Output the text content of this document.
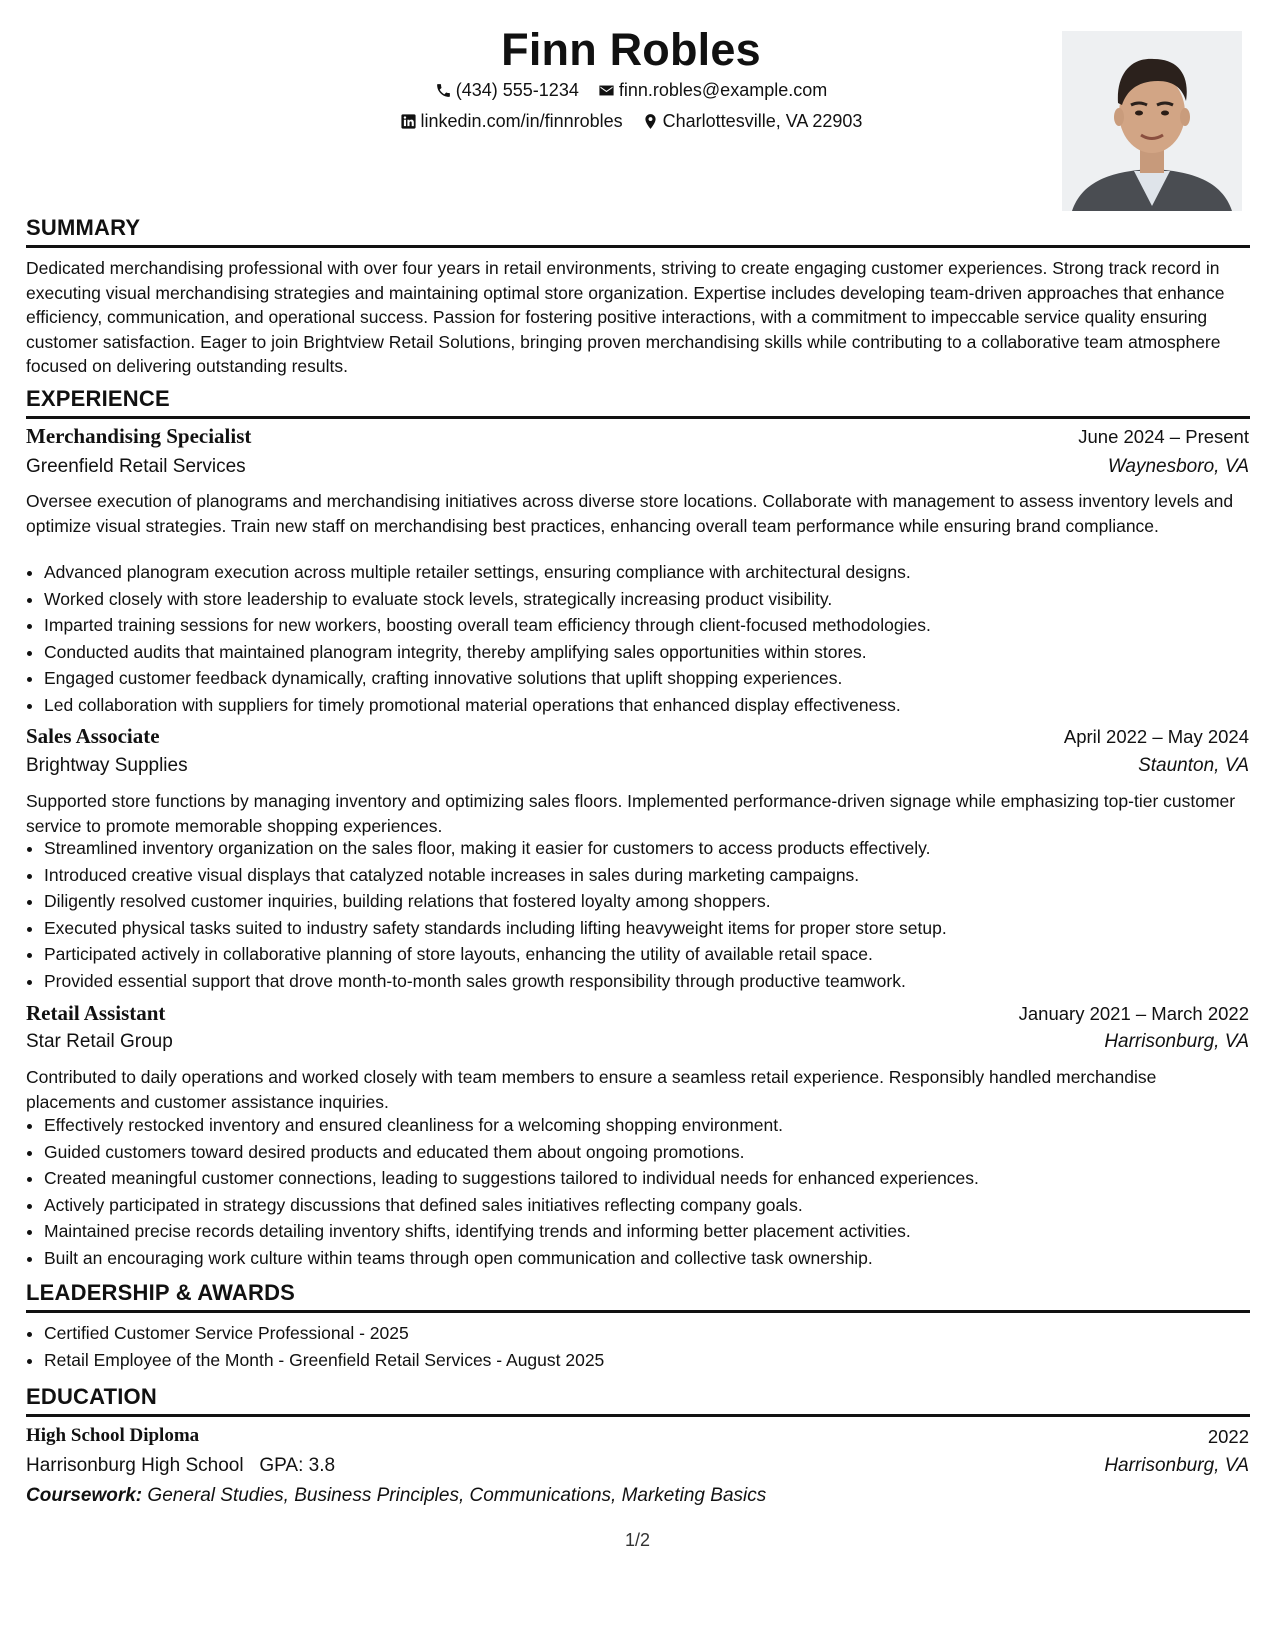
Finn Robles
(434) 555-1234
finn.robles@example.com
linkedin.com/in/finnrobles
Charlottesville, VA 22903
SUMMARY
Dedicated merchandising professional with over four years in retail environments, striving to create engaging customer experiences. Strong track record in executing visual merchandising strategies and maintaining optimal store organization. Expertise includes developing team-driven approaches that enhance efficiency, communication, and operational success. Passion for fostering positive interactions, with a commitment to impeccable service quality ensuring customer satisfaction. Eager to join Brightview Retail Solutions, bringing proven merchandising skills while contributing to a collaborative team atmosphere focused on delivering outstanding results.
EXPERIENCE
Merchandising Specialist	June 2024 – Present
Greenfield Retail Services	Waynesboro, VA
Oversee execution of planograms and merchandising initiatives across diverse store locations. Collaborate with management to assess inventory levels and optimize visual strategies. Train new staff on merchandising best practices, enhancing overall team performance while ensuring brand compliance.
• Advanced planogram execution across multiple retailer settings, ensuring compliance with architectural designs.
• Worked closely with store leadership to evaluate stock levels, strategically increasing product visibility.
• Imparted training sessions for new workers, boosting overall team efficiency through client-focused methodologies.
• Conducted audits that maintained planogram integrity, thereby amplifying sales opportunities within stores.
• Engaged customer feedback dynamically, crafting innovative solutions that uplift shopping experiences.
• Led collaboration with suppliers for timely promotional material operations that enhanced display effectiveness.
Sales Associate	April 2022 – May 2024
Brightway Supplies	Staunton, VA
Supported store functions by managing inventory and optimizing sales floors. Implemented performance-driven signage while emphasizing top-tier customer service to promote memorable shopping experiences.
• Streamlined inventory organization on the sales floor, making it easier for customers to access products effectively.
• Introduced creative visual displays that catalyzed notable increases in sales during marketing campaigns.
• Diligently resolved customer inquiries, building relations that fostered loyalty among shoppers.
• Executed physical tasks suited to industry safety standards including lifting heavyweight items for proper store setup.
• Participated actively in collaborative planning of store layouts, enhancing the utility of available retail space.
• Provided essential support that drove month-to-month sales growth responsibility through productive teamwork.
Retail Assistant	January 2021 – March 2022
Star Retail Group	Harrisonburg, VA
Contributed to daily operations and worked closely with team members to ensure a seamless retail experience. Responsibly handled merchandise placements and customer assistance inquiries.
• Effectively restocked inventory and ensured cleanliness for a welcoming shopping environment.
• Guided customers toward desired products and educated them about ongoing promotions.
• Created meaningful customer connections, leading to suggestions tailored to individual needs for enhanced experiences.
• Actively participated in strategy discussions that defined sales initiatives reflecting company goals.
• Maintained precise records detailing inventory shifts, identifying trends and informing better placement activities.
• Built an encouraging work culture within teams through open communication and collective task ownership.
LEADERSHIP & AWARDS
• Certified Customer Service Professional - 2025
• Retail Employee of the Month - Greenfield Retail Services - August 2025
EDUCATION
High School Diploma	2022
Harrisonburg High School   GPA: 3.8	Harrisonburg, VA
Coursework: General Studies, Business Principles, Communications, Marketing Basics
1/2
